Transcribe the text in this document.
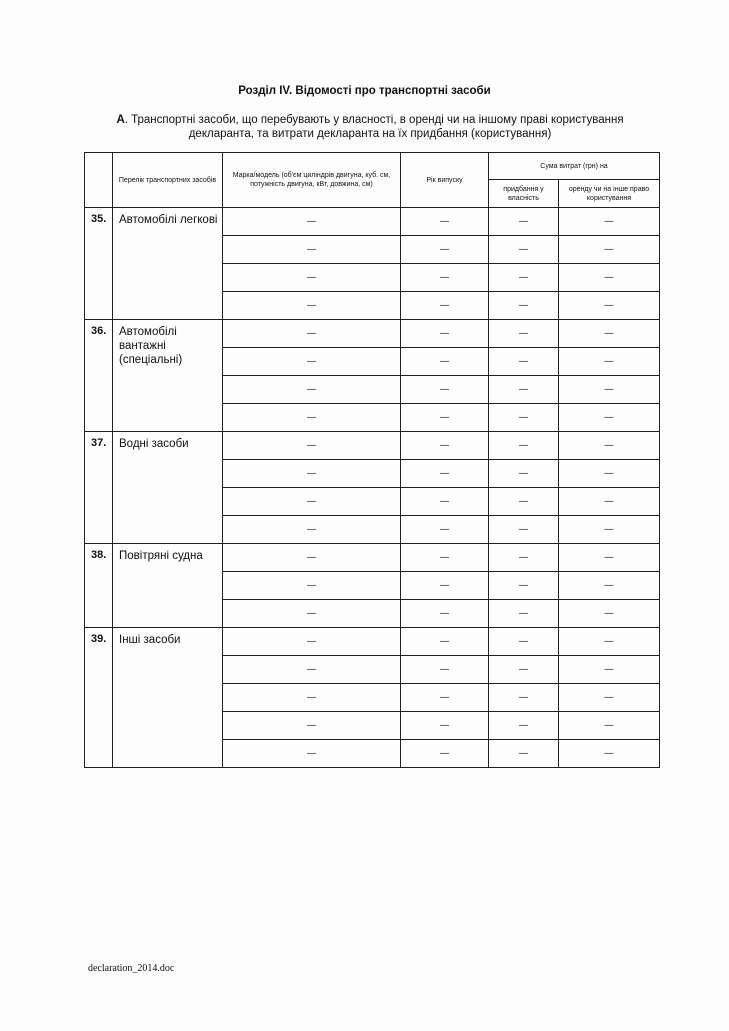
Розділ IV. Відомості про транспортні засоби
А. Транспортні засоби, що перебувають у власності, в оренді чи на іншому праві користування декларанта, та витрати декларанта на їх придбання (користування)
	Перелік транспортних засобів	Марка/модель (об'єм циліндрів двигуна, куб. см, потужність двигуна, кВт, довжина, см)	Рік випуску	Сума витрат (грн) на	
				придбання у власність	оренду чи на інше право користування
35.	Автомобілі легкові	—	—	—	—
		—	—	—	—
		—	—	—	—
		—	—	—	—
36.	Автомобілі вантажні (спеціальні)	—	—	—	—
		—	—	—	—
		—	—	—	—
		—	—	—	—
37.	Водні засоби	—	—	—	—
		—	—	—	—
		—	—	—	—
		—	—	—	—
38.	Повітряні судна	—	—	—	—
		—	—	—	—
		—	—	—	—
39.	Інші засоби	—	—	—	—
		—	—	—	—
		—	—	—	—
		—	—	—	—
		—	—	—	—
declaration_2014.doc
